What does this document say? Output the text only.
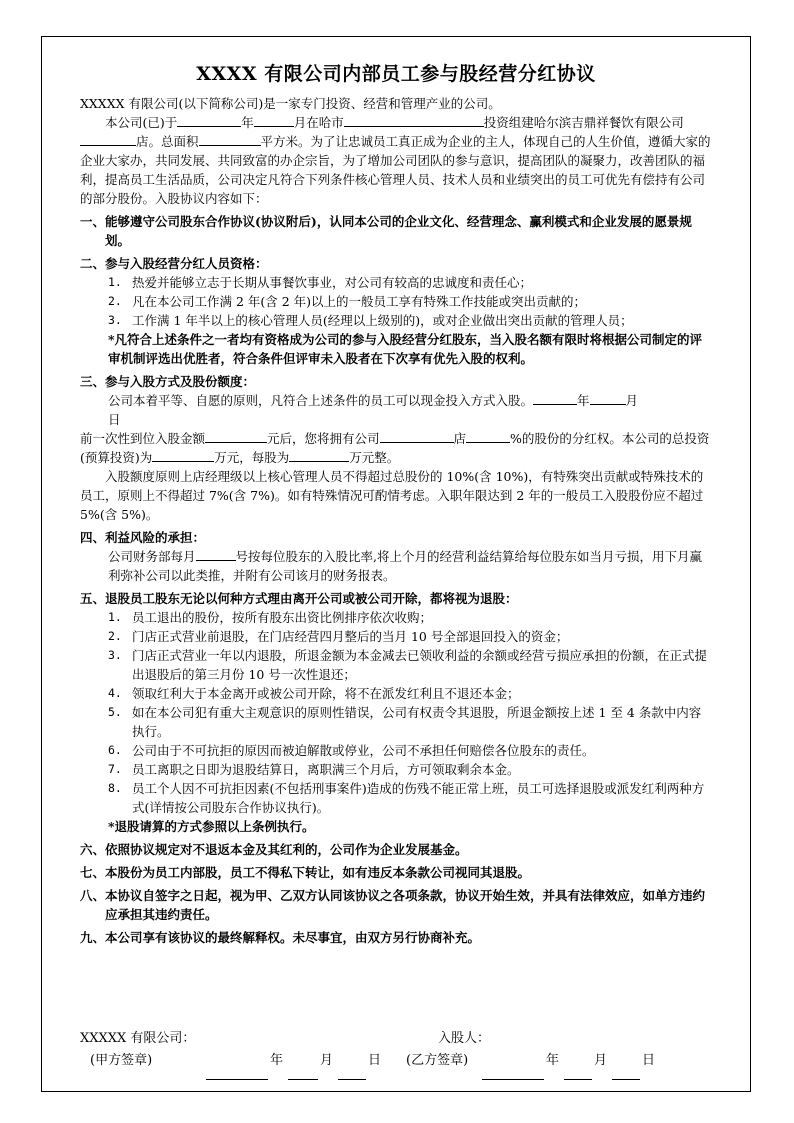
XXXX 有限公司内部员工参与股经营分红协议

XXXXX 有限公司(以下简称公司)是一家专门投资、经营和管理产业的公司。

本公司(已)于	年	月在哈市	投资组建哈尔滨吉鼎祥餐饮有限公司店。总面积	平方米。为了让忠诚员工真正成为企业的主人，体现自己的人生价值，遵循大家的企业大家办，共同发展、共同致富的办企宗旨，为了增加公司团队的参与意识，提高团队的凝聚力，改善团队的福利，提高员工生活品质，公司决定凡符合下列条件核心管理人员、技术人员和业绩突出的员工可优先有偿持有公司的部分股份。入股协议内容如下：

一、能够遵守公司股东合作协议(协议附后)，认同本公司的企业文化、经营理念、赢利模式和企业发展的愿景规划。

二、参与入股经营分红人员资格：

1. 热爱并能够立志于长期从事餐饮事业，对公司有较高的忠诚度和责任心；
2. 凡在本公司工作满 2 年(含 2 年)以上的一般员工享有特殊工作技能或突出贡献的；
3. 工作满 1 年半以上的核心管理人员(经理以上级别的)，或对企业做出突出贡献的管理人员；

*凡符合上述条件之一者均有资格成为公司的参与入股经营分红股东，当入股名额有限时将根据公司制定的评审机制评选出优胜者，符合条件但评审未入股者在下次享有优先入股的权利。

三、参与入股方式及股份额度：

公司本着平等、自愿的原则，凡符合上述条件的员工可以现金投入方式入股。	年	月
日

前一次性到位入股金额	元后，您将拥有公司	店	%的股份的分红权。本公司的总投资(预算投资)为	万元，每股为	万元整。

入股额度原则上店经理级以上核心管理人员不得超过总股份的 10%(含 10%)，有特殊突出贡献或特殊技术的员工，原则上不得超过 7%(含 7%)。如有特殊情况可酌情考虑。入职年限达到 2 年的一般员工入股股份应不超过 5%(含 5%)。

四、利益风险的承担：

公司财务部每月	号按每位股东的入股比率,将上个月的经营利益结算给每位股东如当月亏损，用下月赢利弥补公司以此类推，并附有公司该月的财务报表。

五、退股员工股东无论以何种方式理由离开公司或被公司开除，都将视为退股：

1. 员工退出的股份，按所有股东出资比例排序依次收购；
2. 门店正式营业前退股，在门店经营四月整后的当月 10 号全部退回投入的资金；
3. 门店正式营业一年以内退股，所退金额为本金减去已领收利益的余额或经营亏损应承担的份额，在正式提出退股后的第三月份 10 号一次性退还；
4. 领取红利大于本金离开或被公司开除，将不在派发红利且不退还本金；
5. 如在本公司犯有重大主观意识的原则性错误，公司有权责令其退股，所退金额按上述 1 至 4 条款中内容执行。
6. 公司由于不可抗拒的原因而被迫解散或停业，公司不承担任何赔偿各位股东的责任。
7. 员工离职之日即为退股结算日，离职满三个月后，方可领取剩余本金。
8. 员工个人因不可抗拒因素(不包括刑事案件)造成的伤残不能正常上班，员工可选择退股或派发红利两种方式(详情按公司股东合作协议执行)。

*退股请算的方式参照以上条例执行。

六、依照协议规定对不退返本金及其红利的，公司作为企业发展基金。

七、本股份为员工内部股，员工不得私下转让，如有违反本条款公司视同其退股。

八、本协议自签字之日起，视为甲、乙双方认同该协议之各项条款，协议开始生效，并具有法律效应，如单方违约应承担其违约责任。

九、本公司享有该协议的最终解释权。未尽事宜，由双方另行协商补充。

XXXXX 有限公司：	入股人：
(甲方签章)	年	月	日 (乙方签章)	年	月	日
